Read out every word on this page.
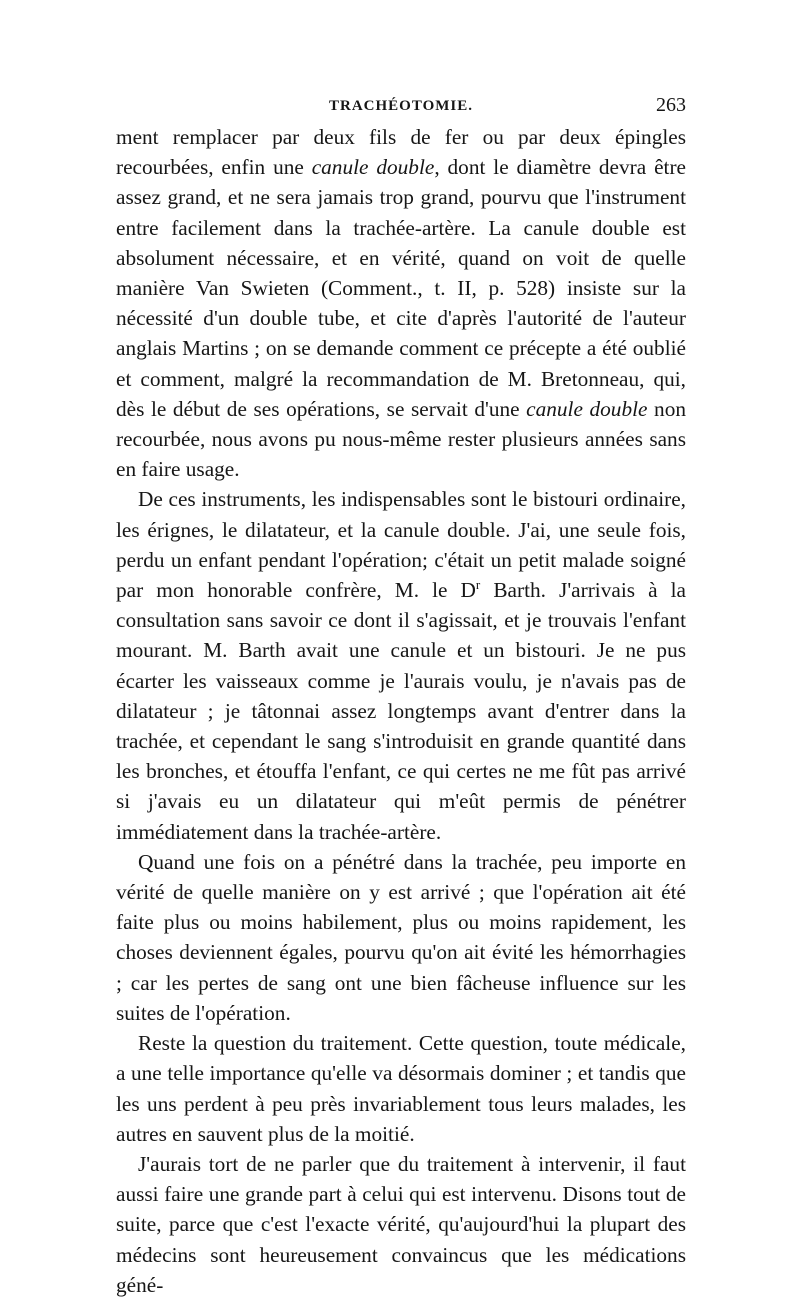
TRACHÉOTOMIE.	263

ment remplacer par deux fils de fer ou par deux épingles recourbées, enfin une canule double, dont le diamètre devra être assez grand, et ne sera jamais trop grand, pourvu que l'instrument entre facilement dans la trachée-artère. La canule double est absolument nécessaire, et en vérité, quand on voit de quelle manière Van Swieten (Comment., t. II, p. 528) insiste sur la nécessité d'un double tube, et cite d'après l'autorité de l'auteur anglais Martins ; on se demande comment ce précepte a été oublié et comment, malgré la recommandation de M. Bretonneau, qui, dès le début de ses opérations, se servait d'une canule double non recourbée, nous avons pu nous-même rester plusieurs années sans en faire usage.

De ces instruments, les indispensables sont le bistouri ordinaire, les érignes, le dilatateur, et la canule double. J'ai, une seule fois, perdu un enfant pendant l'opération; c'était un petit malade soigné par mon honorable confrère, M. le $D^r$ Barth. J'arrivais à la consultation sans savoir ce dont il s'agissait, et je trouvais l'enfant mourant. M. Barth avait une canule et un bistouri. Je ne pus écarter les vaisseaux comme je l'aurais voulu, je n'avais pas de dilatateur ; je tâtonnai assez longtemps avant d'entrer dans la trachée, et cependant le sang s'introduisit en grande quantité dans les bronches, et étouffa l'enfant, ce qui certes ne me fût pas arrivé si j'avais eu un dilatateur qui m'eût permis de pénétrer immédiatement dans la trachée-artère.

Quand une fois on a pénétré dans la trachée, peu importe en vérité de quelle manière on y est arrivé ; que l'opération ait été faite plus ou moins habilement, plus ou moins rapidement, les choses deviennent égales, pourvu qu'on ait évité les hémorrhagies ; car les pertes de sang ont une bien fâcheuse influence sur les suites de l'opération.

Reste la question du traitement. Cette question, toute médicale, a une telle importance qu'elle va désormais dominer ; et tandis que les uns perdent à peu près invariablement tous leurs malades, les autres en sauvent plus de la moitié.

J'aurais tort de ne parler que du traitement à intervenir, il faut aussi faire une grande part à celui qui est intervenu. Disons tout de suite, parce que c'est l'exacte vérité, qu'aujourd'hui la plupart des médecins sont heureusement convaincus que les médications géné-
